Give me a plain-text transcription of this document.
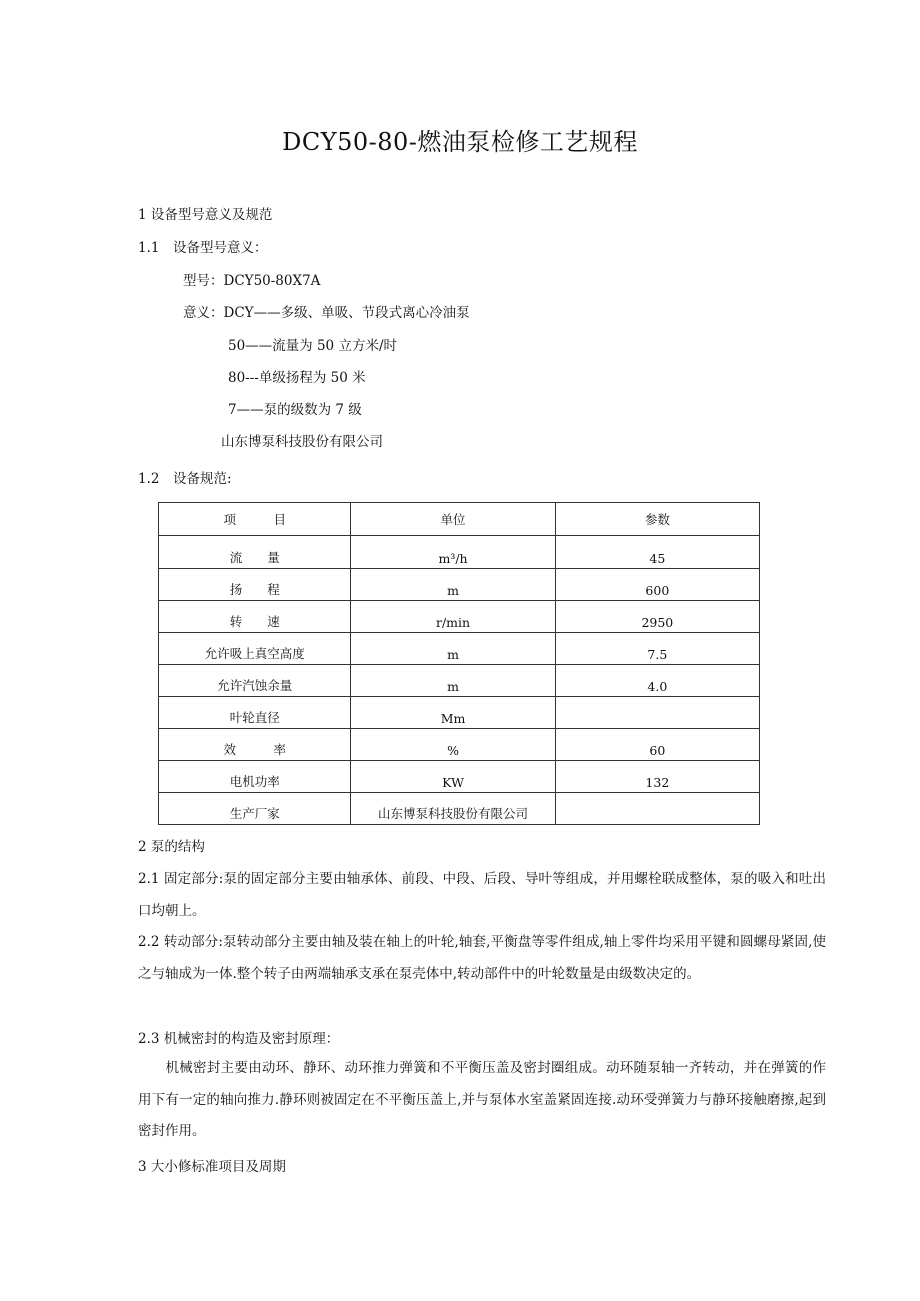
DCY50-80-燃油泵检修工艺规程
1 设备型号意义及规范
1.1　设备型号意义：
型号：DCY50-80X7A
意义：DCY——多级、单吸、节段式离心冷油泵
50——流量为 50 立方米/时
80---单级扬程为 50 米
7——泵的级数为 7 级
山东博泵科技股份有限公司
1.2　设备规范:
项　　　目	单位	参数
流　　量	m³/h	45
扬　　程	m	600
转　　速	r/min	2950
允许吸上真空高度	m	7.5
允许汽蚀余量	m	4.0
叶轮直径	Mm	
效　　　率	%	60
电机功率	KW	132
生产厂家	山东博泵科技股份有限公司	
2 泵的结构
2.1 固定部分:泵的固定部分主要由轴承体、前段、中段、后段、导叶等组成，并用螺栓联成整体，泵的吸入和吐出口均朝上。
2.2 转动部分:泵转动部分主要由轴及装在轴上的叶轮,轴套,平衡盘等零件组成,轴上零件均采用平键和圆螺母紧固,使之与轴成为一体.整个转子由两端轴承支承在泵壳体中,转动部件中的叶轮数量是由级数决定的。
2.3 机械密封的构造及密封原理：
　　机械密封主要由动环、静环、动环推力弹簧和不平衡压盖及密封圈组成。动环随泵轴一齐转动，并在弹簧的作用下有一定的轴向推力.静环则被固定在不平衡压盖上,并与泵体水室盖紧固连接.动环受弹簧力与静环接触磨擦,起到密封作用。
3 大小修标准项目及周期
